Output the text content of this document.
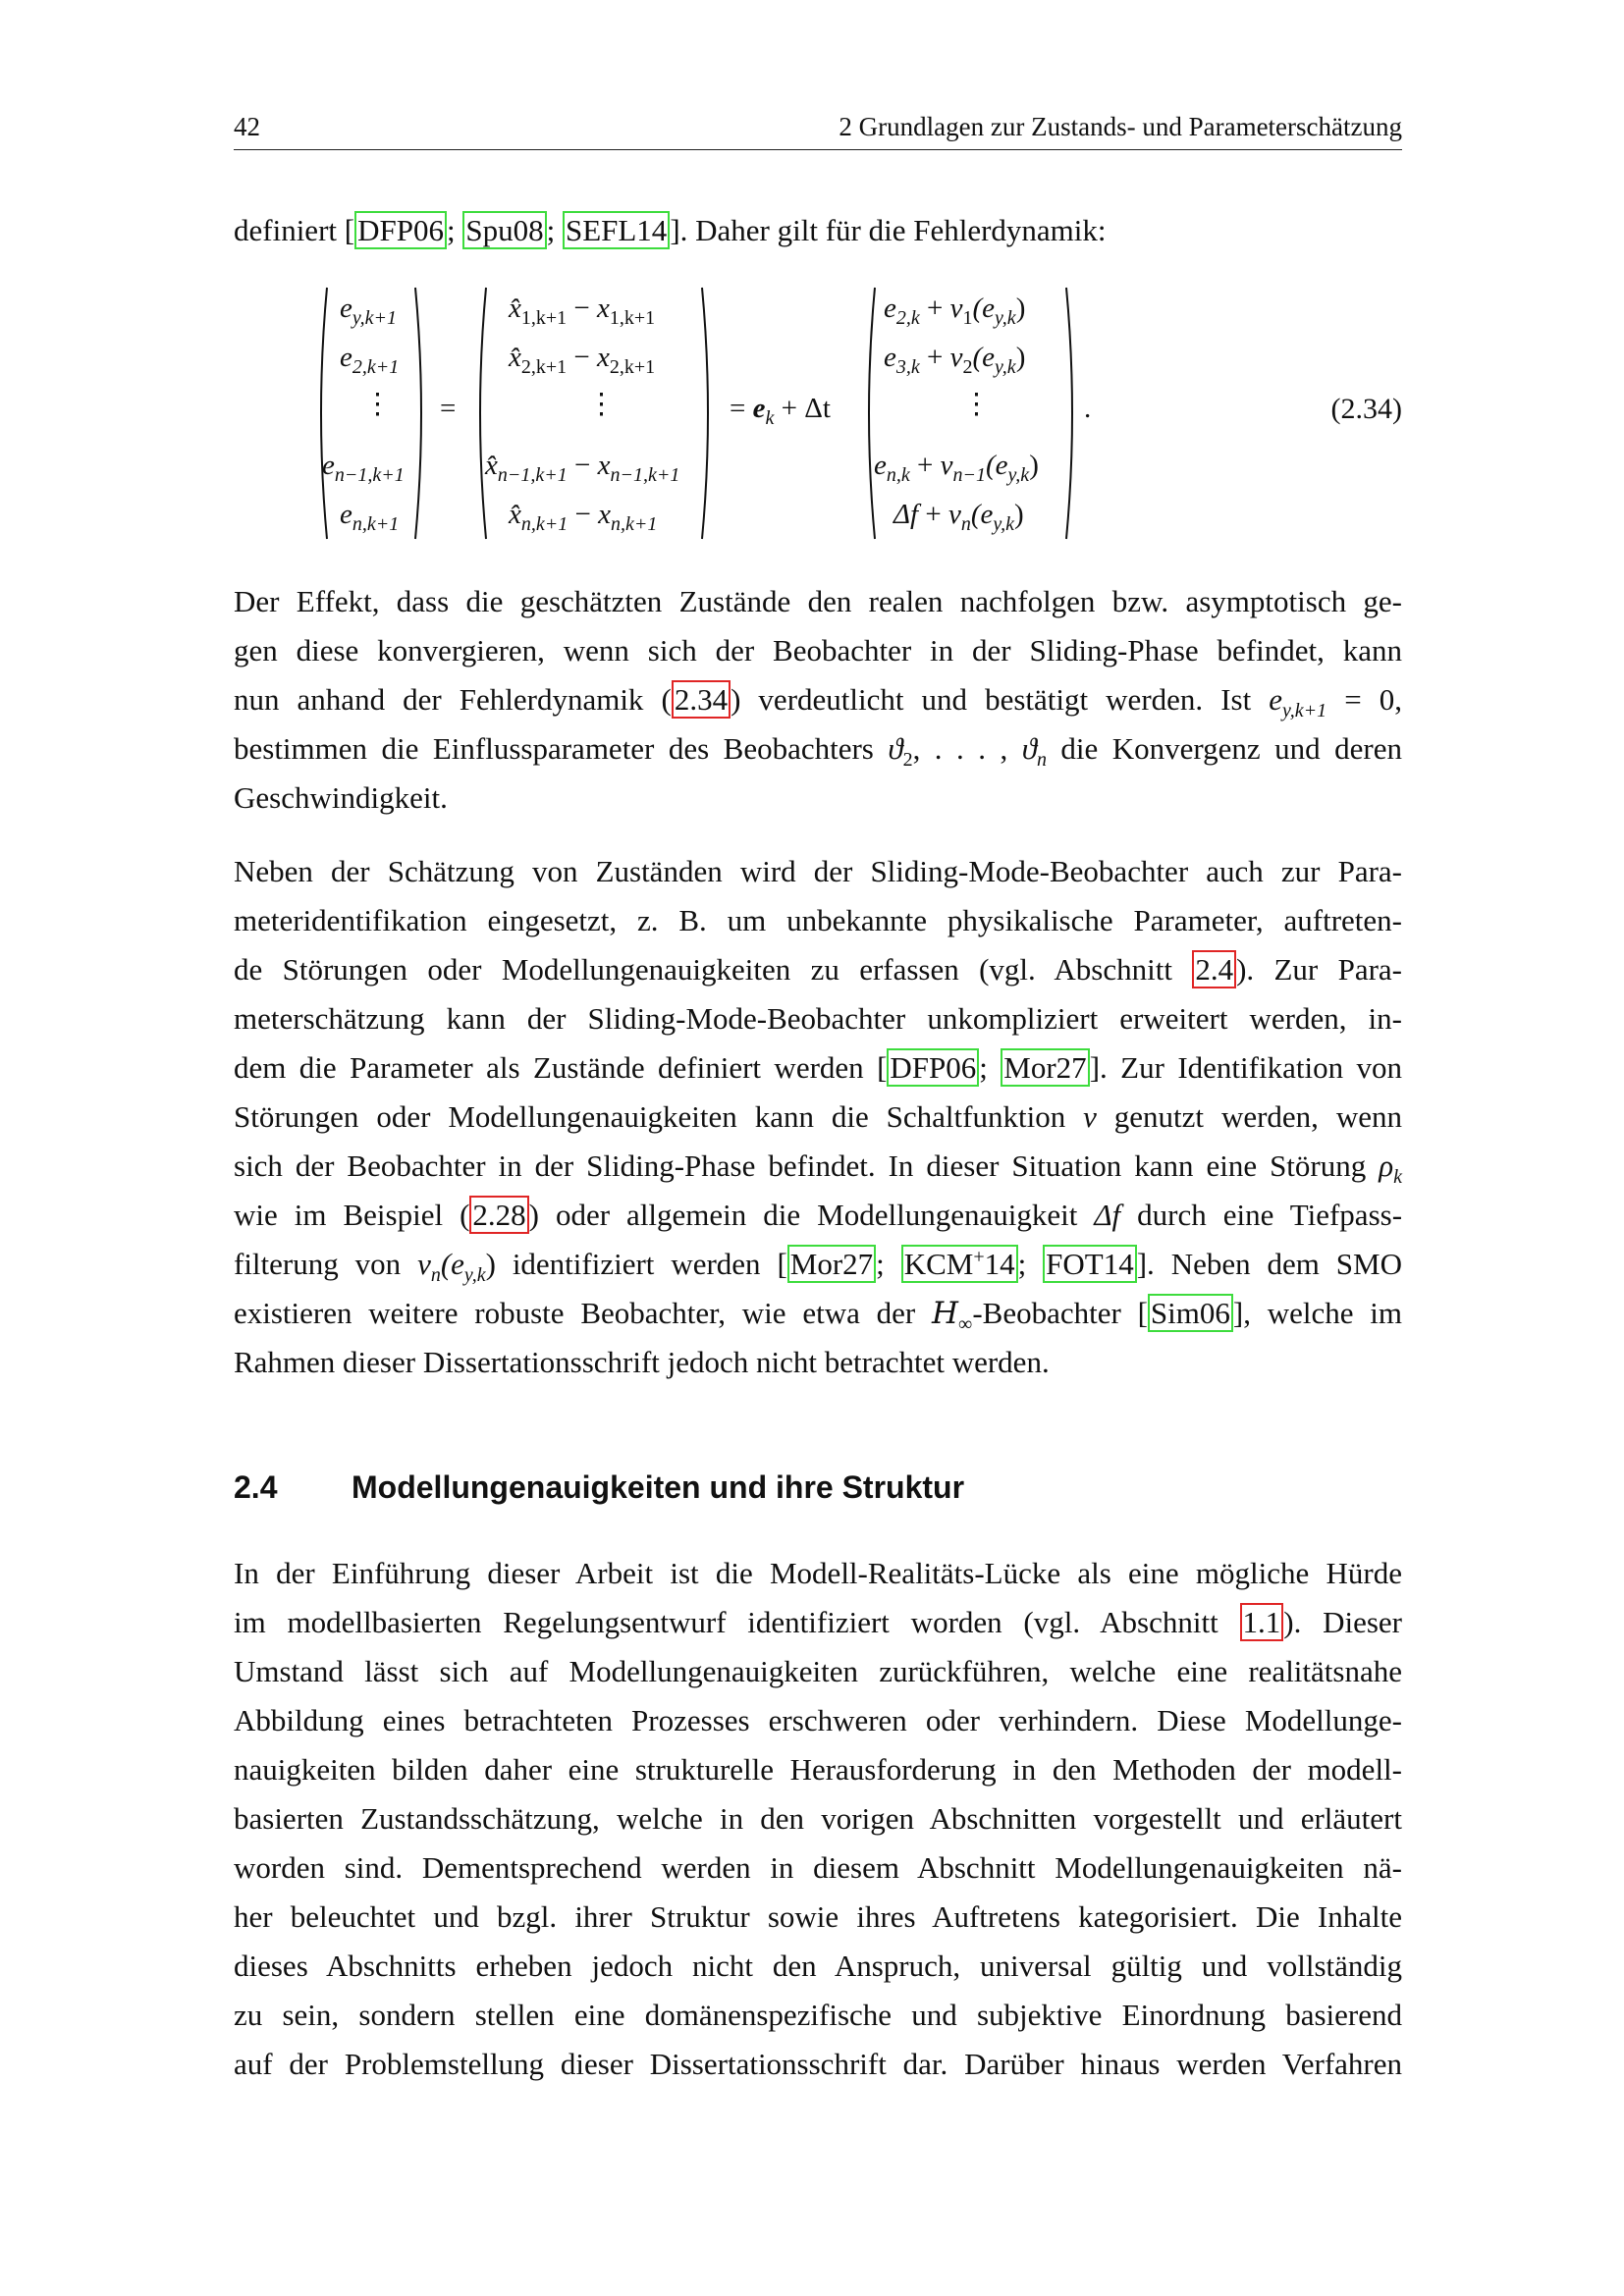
42	2 Grundlagen zur Zustands- und Parameterschätzung
definiert [DFP06; Spu08; SEFL14]. Daher gilt für die Fehlerdynamik:
$e_{y,k+1}$
$e_{2,k+1}$
⋮
$e_{n-1,k+1}$
$e_{n,k+1}$
=
$x̂_{1,k+1} - x_{1,k+1}$
$x̂_{2,k+1} - x_{2,k+1}$
⋮
$x̂_{n-1,k+1} - x_{n-1,k+1}$
$x̂_{n,k+1} - x_{n,k+1}$
= $e_k + \Delta t$
$e_{2,k} + \nu_1(e_{y,k})$
$e_{3,k} + \nu_2(e_{y,k})$
⋮
$e_{n,k} + \nu_{n-1}(e_{y,k})$
$\Delta f + \nu_n(e_{y,k})$
.	(2.34)
Der Effekt, dass die geschätzten Zustände den realen nachfolgen bzw. asymptotisch ge-
gen diese konvergieren, wenn sich der Beobachter in der Sliding-Phase befindet, kann
nun anhand der Fehlerdynamik (2.34) verdeutlicht und bestätigt werden. Ist $e_{y,k+1} = 0$,
bestimmen die Einflussparameter des Beobachters $ϑ_2$, . . . , $ϑ_n$ die Konvergenz und deren
Geschwindigkeit.
Neben der Schätzung von Zuständen wird der Sliding-Mode-Beobachter auch zur Para-
meteridentifikation eingesetzt, z. B. um unbekannte physikalische Parameter, auftreten-
de Störungen oder Modellungenauigkeiten zu erfassen (vgl. Abschnitt 2.4). Zur Para-
meterschätzung kann der Sliding-Mode-Beobachter unkompliziert erweitert werden, in-
dem die Parameter als Zustände definiert werden [DFP06; Mor27]. Zur Identifikation von
Störungen oder Modellungenauigkeiten kann die Schaltfunktion ν genutzt werden, wenn
sich der Beobachter in der Sliding-Phase befindet. In dieser Situation kann eine Störung $\rho_k$
wie im Beispiel (2.28) oder allgemein die Modellungenauigkeit Δf durch eine Tiefpass-
filterung von $\nu_n(e_{y,k})$ identifiziert werden [Mor27; KCM+14; FOT14]. Neben dem SMO
existieren weitere robuste Beobachter, wie etwa der $H_\infty$-Beobachter [Sim06], welche im
Rahmen dieser Dissertationsschrift jedoch nicht betrachtet werden.
2.4 Modellungenauigkeiten und ihre Struktur
In der Einführung dieser Arbeit ist die Modell-Realitäts-Lücke als eine mögliche Hürde
im modellbasierten Regelungsentwurf identifiziert worden (vgl. Abschnitt 1.1). Dieser
Umstand lässt sich auf Modellungenauigkeiten zurückführen, welche eine realitätsnahe
Abbildung eines betrachteten Prozesses erschweren oder verhindern. Diese Modellunge-
nauigkeiten bilden daher eine strukturelle Herausforderung in den Methoden der modell-
basierten Zustandsschätzung, welche in den vorigen Abschnitten vorgestellt und erläutert
worden sind. Dementsprechend werden in diesem Abschnitt Modellungenauigkeiten nä-
her beleuchtet und bzgl. ihrer Struktur sowie ihres Auftretens kategorisiert. Die Inhalte
dieses Abschnitts erheben jedoch nicht den Anspruch, universal gültig und vollständig
zu sein, sondern stellen eine domänenspezifische und subjektive Einordnung basierend
auf der Problemstellung dieser Dissertationsschrift dar. Darüber hinaus werden Verfahren
